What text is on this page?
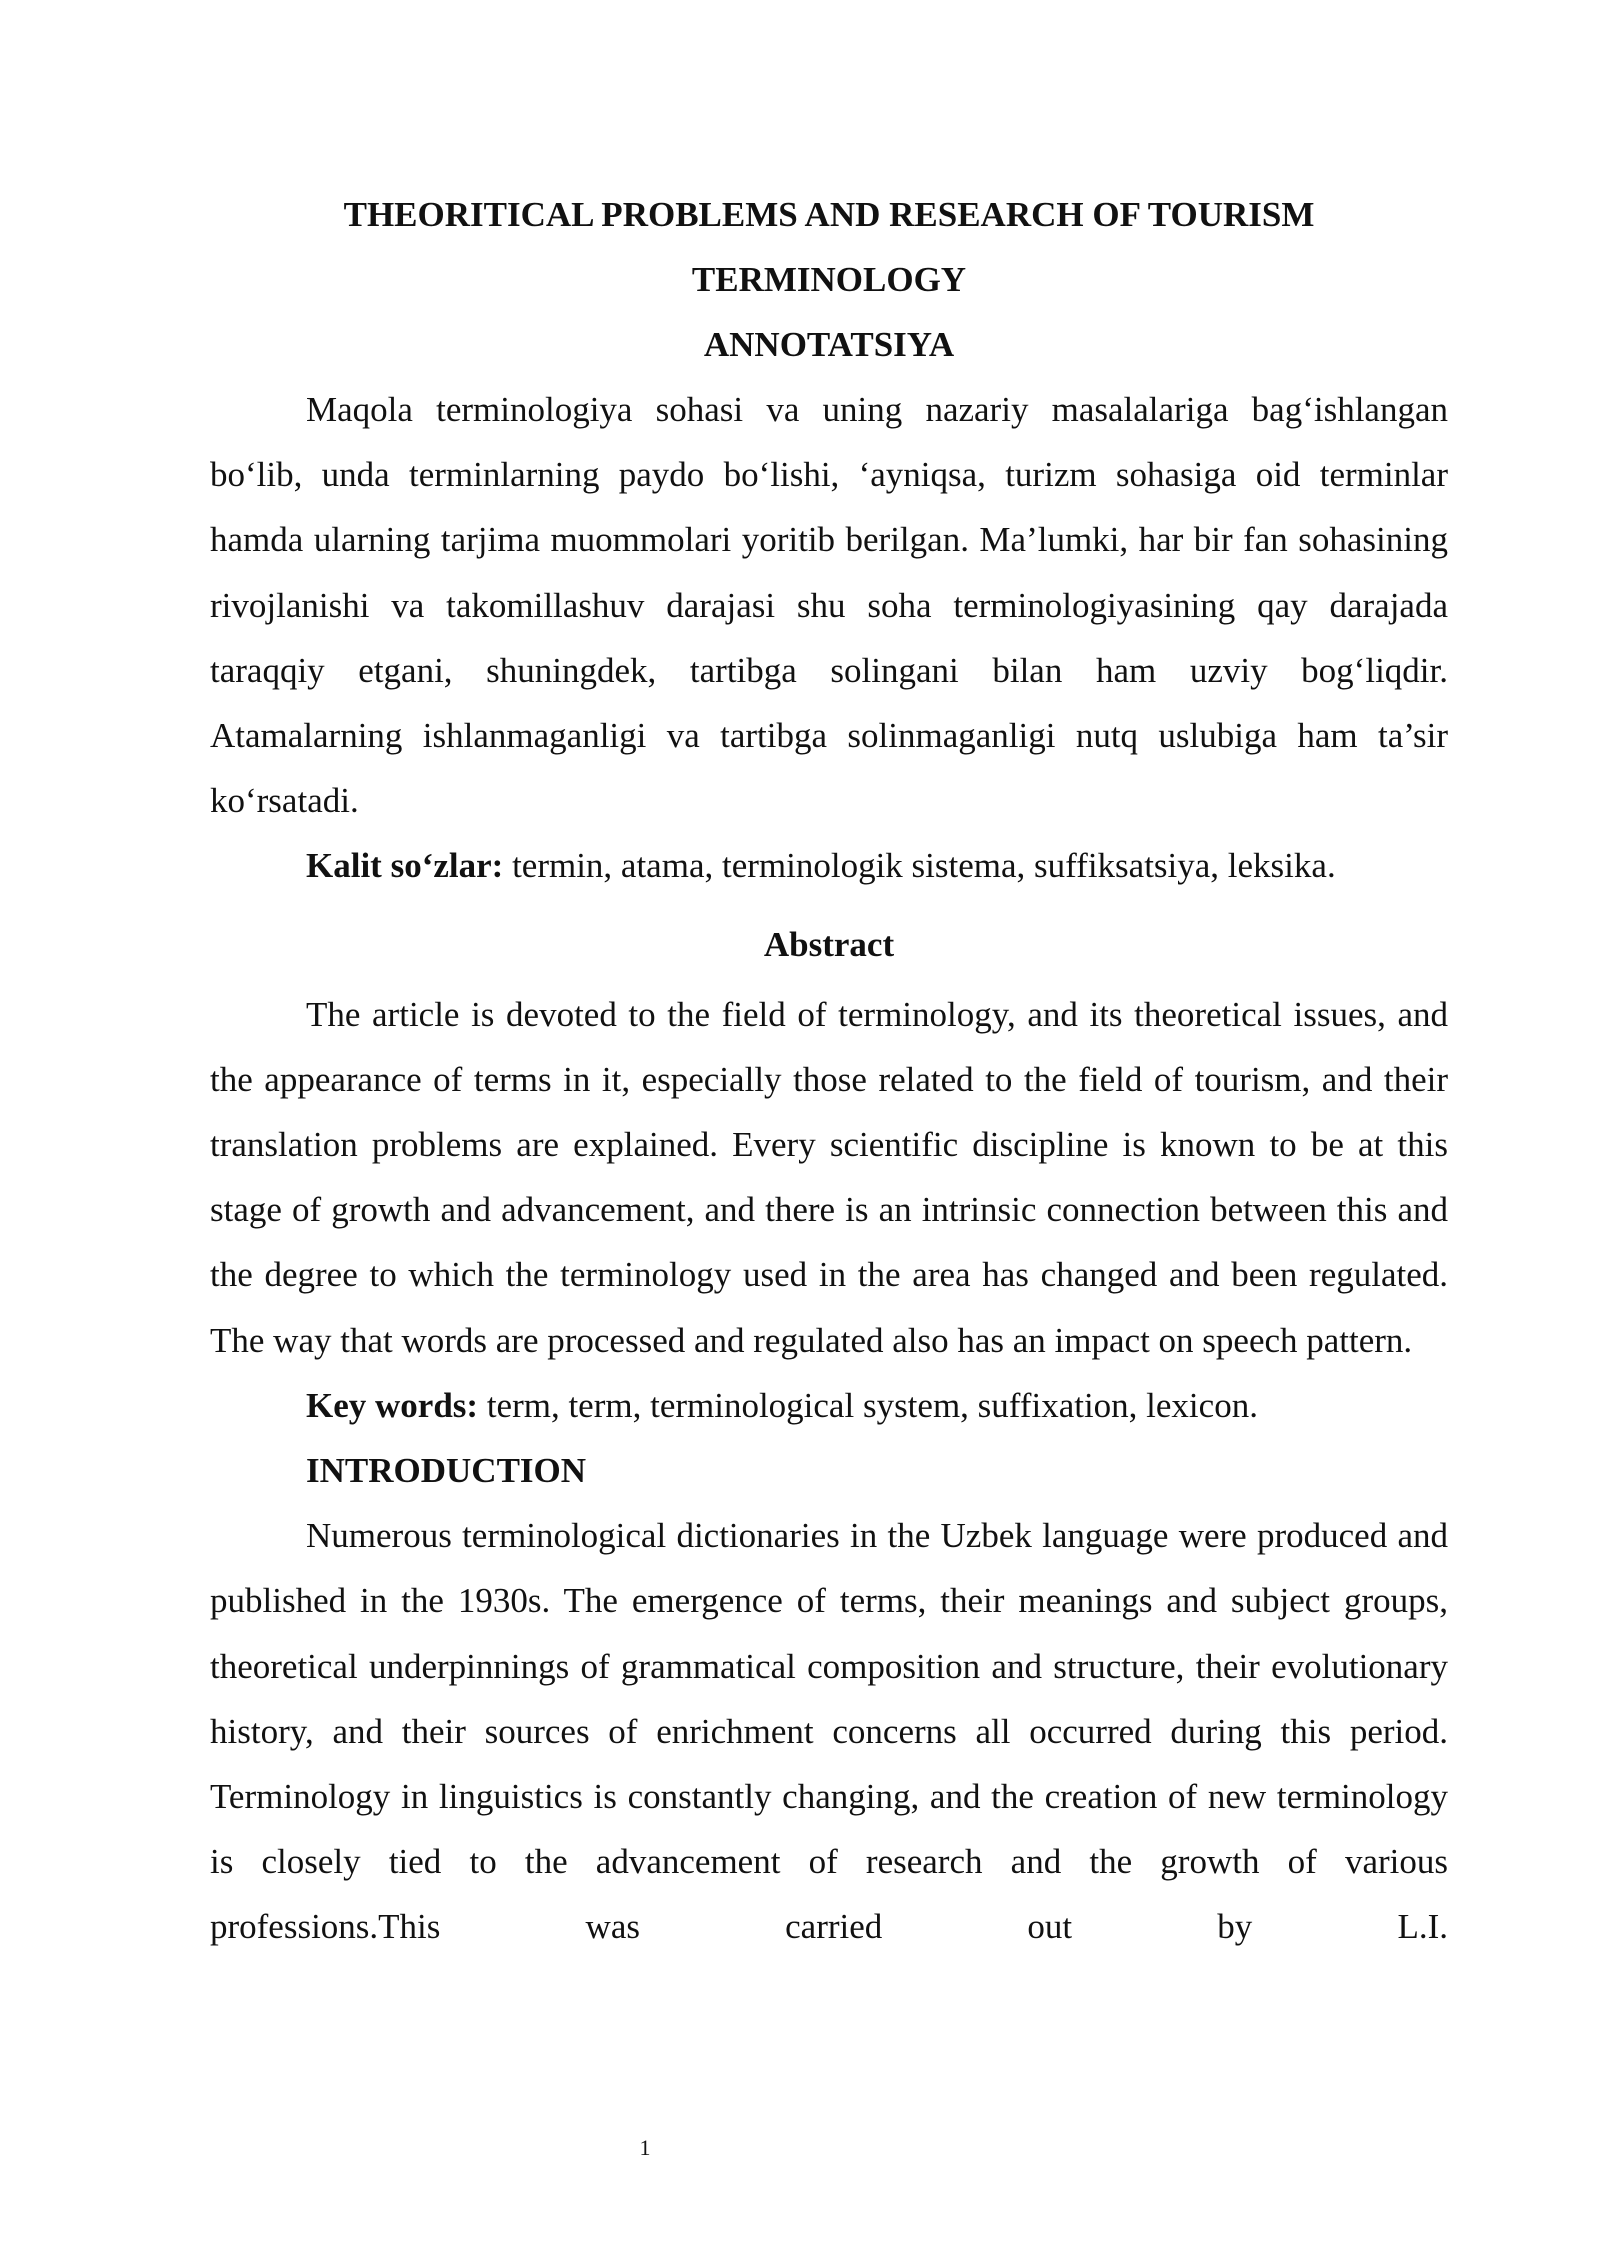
THEORITICAL PROBLEMS AND RESEARCH OF TOURISM

TERMINOLOGY

ANNOTATSIYA

Maqola terminologiya sohasi va uning nazariy masalalariga bag‘ishlangan bo‘lib, unda terminlarning paydo bo‘lishi, ‘ayniqsa, turizm sohasiga oid terminlar hamda ularning tarjima muommolari yoritib berilgan. Ma’lumki, har bir fan sohasining rivojlanishi va takomillashuv darajasi shu soha terminologiyasining qay darajada taraqqiy etgani, shuningdek, tartibga solingani bilan ham uzviy bog‘liqdir. Atamalarning ishlanmaganligi va tartibga solinmaganligi nutq uslubiga ham ta’sir ko‘rsatadi.

Kalit so‘zlar: termin, atama, terminologik sistema, suffiksatsiya, leksika.

Abstract

The article is devoted to the field of terminology, and its theoretical issues, and the appearance of terms in it, especially those related to the field of tourism, and their translation problems are explained. Every scientific discipline is known to be at this stage of growth and advancement, and there is an intrinsic connection between this and the degree to which the terminology used in the area has changed and been regulated. The way that words are processed and regulated also has an impact on speech pattern.

Key words: term, term, terminological system, suffixation, lexicon.

INTRODUCTION

Numerous terminological dictionaries in the Uzbek language were produced and published in the 1930s. The emergence of terms, their meanings and subject groups, theoretical underpinnings of grammatical composition and structure, their evolutionary history, and their sources of enrichment concerns all occurred during this period. Terminology in linguistics is constantly changing, and the creation of new terminology is closely tied to the advancement of research and the growth of various professions.This was carried out by L.I.

1
